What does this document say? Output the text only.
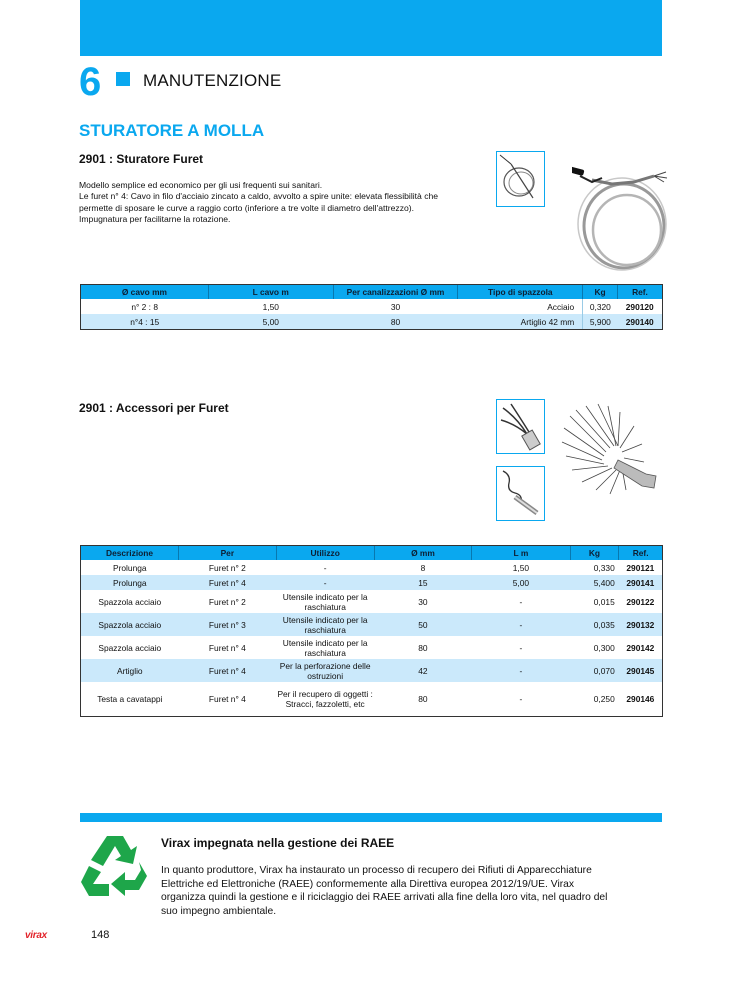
6 MANUTENZIONE
STURATORE A MOLLA
2901 : Sturatore Furet
Modello semplice ed economico per gli usi frequenti sui sanitari.
Le furet n° 4: Cavo in filo d'acciaio zincato a caldo, avvolto a spire unite: elevata flessibilità che
permette di sposare le curve a raggio corto (inferiore a tre volte il diametro dell'attrezzo).
Impugnatura per facilitarne la rotazione.
Ø cavo mm	L cavo m	Per canalizzazioni Ø mm	Tipo di spazzola	Kg	Ref.
n° 2 : 8	1,50	30	Acciaio	0,320	290120
n°4 : 15	5,00	80	Artiglio 42 mm	5,900	290140
2901 : Accessori per Furet
Descrizione	Per	Utilizzo	Ø mm	L m	Kg	Ref.
Prolunga	Furet n° 2	-	8	1,50	0,330	290121
Prolunga	Furet n° 4	-	15	5,00	5,400	290141
Spazzola acciaio	Furet n° 2	Utensile indicato per la raschiatura	30	-	0,015	290122
Spazzola acciaio	Furet n° 3	Utensile indicato per la raschiatura	50	-	0,035	290132
Spazzola acciaio	Furet n° 4	Utensile indicato per la raschiatura	80	-	0,300	290142
Artiglio	Furet n° 4	Per la perforazione delle ostruzioni	42	-	0,070	290145
Testa a cavatappi	Furet n° 4	Per il recupero di oggetti : Stracci, fazzoletti, etc	80	-	0,250	290146
Virax impegnata nella gestione dei RAEE
In quanto produttore, Virax ha instaurato un processo di recupero dei Rifiuti di Apparecchiature
Elettriche ed Elettroniche (RAEE) conformemente alla Direttiva europea 2012/19/UE. Virax
organizza quindi la gestione e il riciclaggio dei RAEE arrivati alla fine della loro vita, nel quadro del
suo impegno ambientale.
virax	148
